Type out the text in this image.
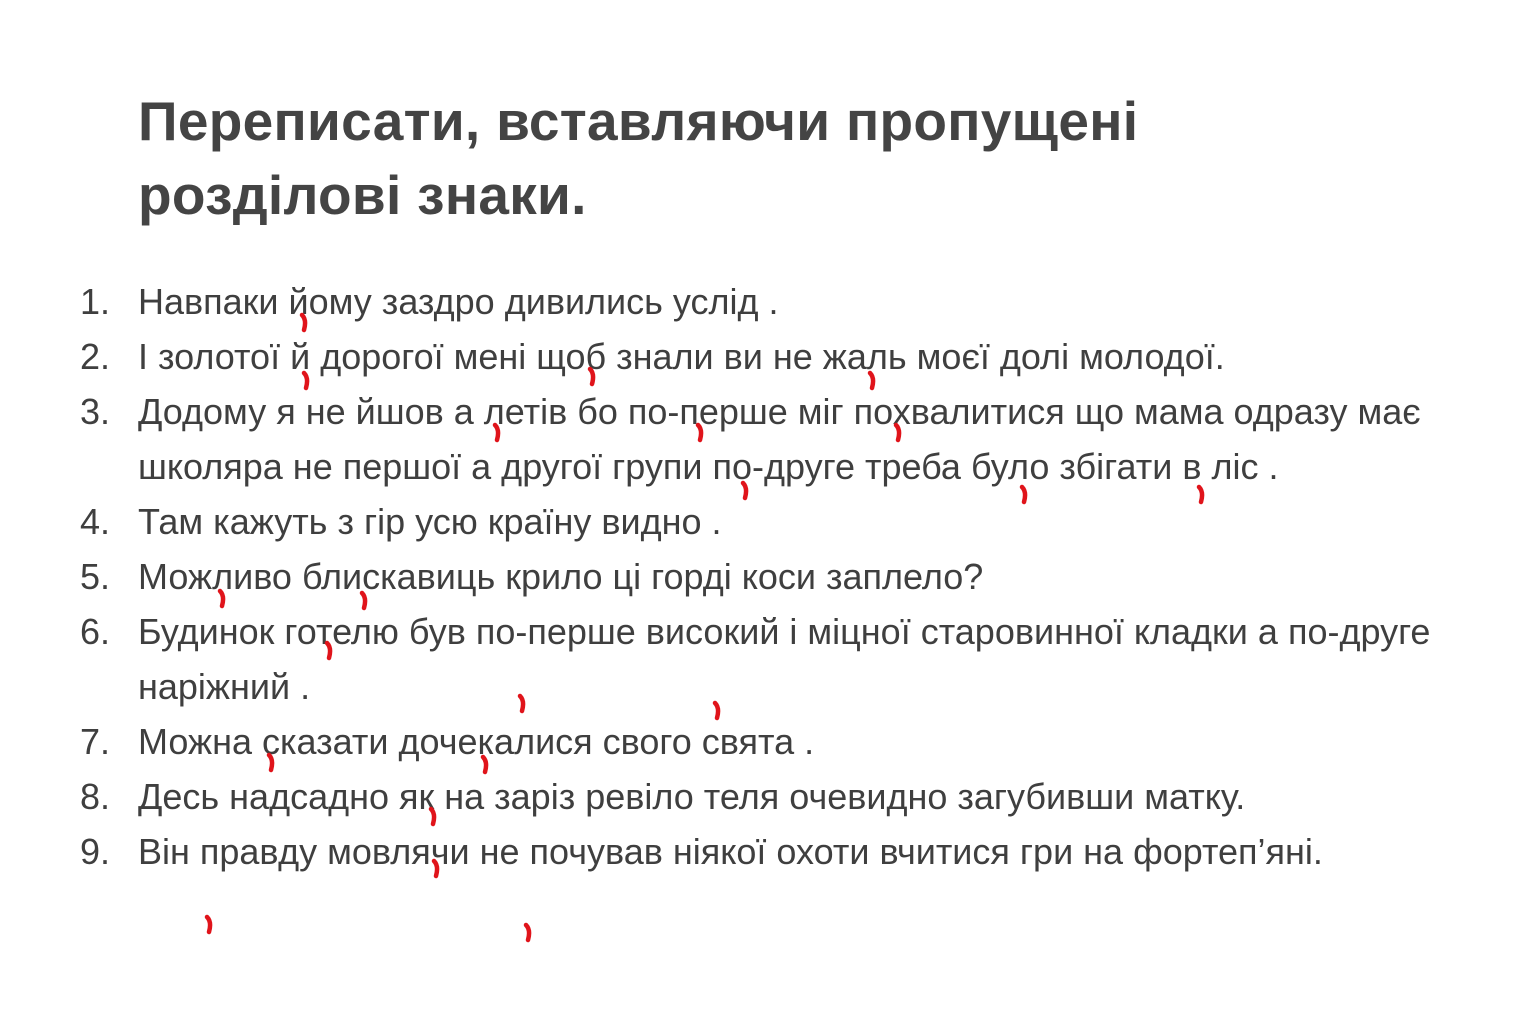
Переписати, вставляючи пропущені розділові знаки.
1. Навпаки йому заздро дивились услід .
2. І золотої й дорогої мені щоб знали ви не жаль моєї долі молодої.
3. Додому я не йшов а летів бо по-перше міг похвалитися що мама одразу має школяра не першої а другої групи по-друге треба було збігати в ліс .
4. Там кажуть з гір усю країну видно .
5. Можливо блискавиць крило ці горді коси заплело?
6. Будинок готелю був по-перше високий і міцної старовинної кладки а по-друге наріжний .
7. Можна сказати дочекалися свого свята .
8. Десь надсадно як на заріз ревіло теля очевидно загубивши матку.
9. Він правду мовлячи не почував ніякої охоти вчитися гри на фортеп’яні.
